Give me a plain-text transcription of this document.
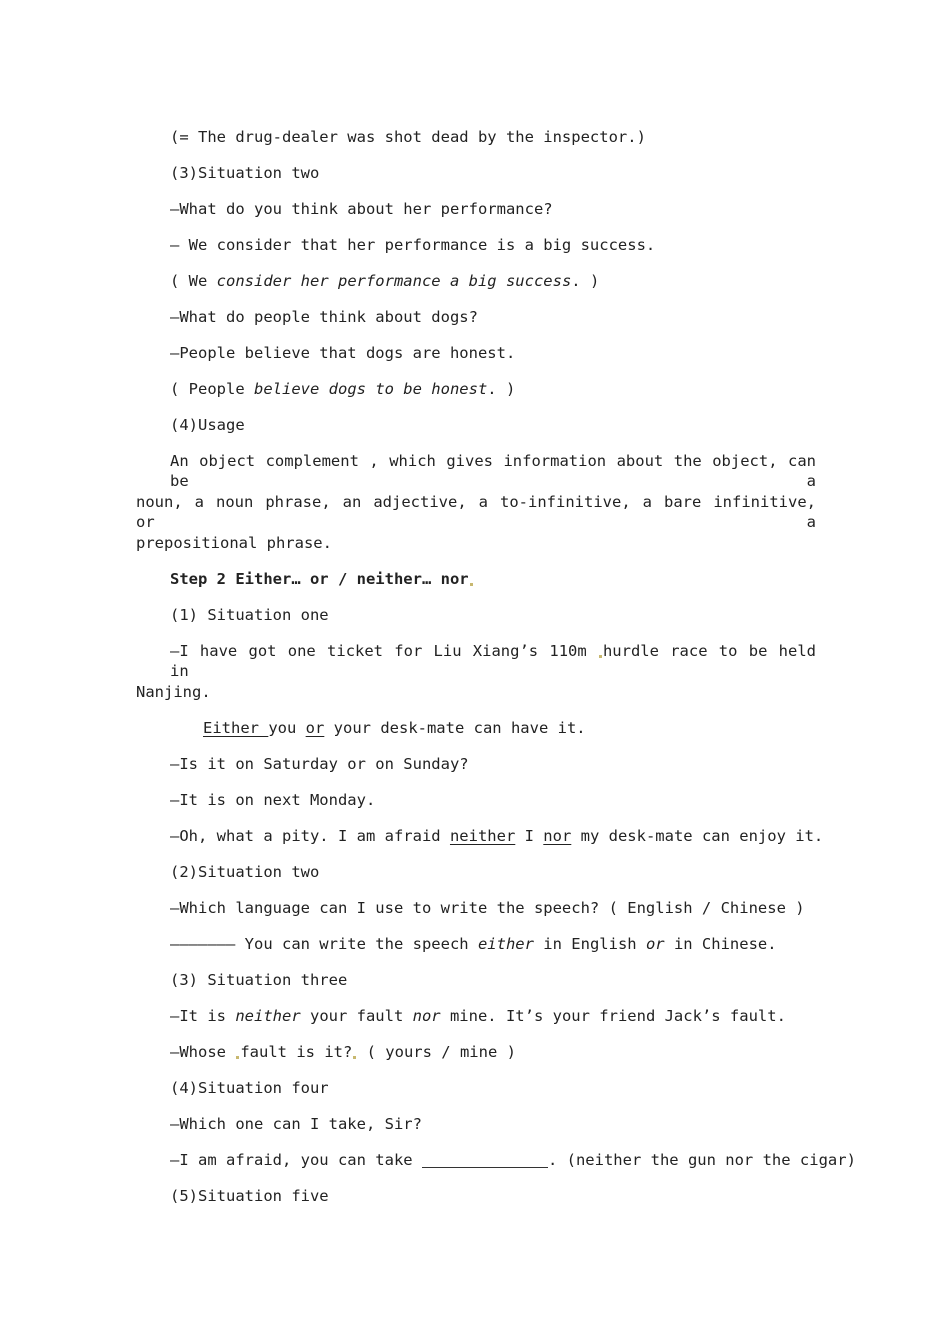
(= The drug-dealer was shot dead by the inspector.)
(3)Situation two
—What do you think about her performance?
— We consider that her performance is a big success.
( We consider her performance a big success. )
—What do people think about dogs?
—People believe that dogs are honest.
( People believe dogs to be honest. )
(4)Usage
An object complement , which gives information about the object, can be a
noun, a noun phrase, an adjective, a to-infinitive, a bare infinitive, or a
prepositional phrase.
Step 2 Either… or / neither… nor
(1) Situation one
—I have got one ticket for Liu Xiang’s 110m hurdle race to be held in
Nanjing.
Either you or your desk-mate can have it.
—Is it on Saturday or on Sunday?
—It is on next Monday.
—Oh, what a pity. I am afraid neither I nor my desk-mate can enjoy it.
(2)Situation two
—Which language can I use to write the speech? ( English / Chinese )
——————— You can write the speech either in English or in Chinese.
(3) Situation three
—It is neither your fault nor mine. It’s your friend Jack’s fault.
—Whose fault is it? ( yours / mine )
(4)Situation four
—Which one can I take, Sir?
—I am afraid, you can take	. (neither the gun nor the cigar)
(5)Situation five
